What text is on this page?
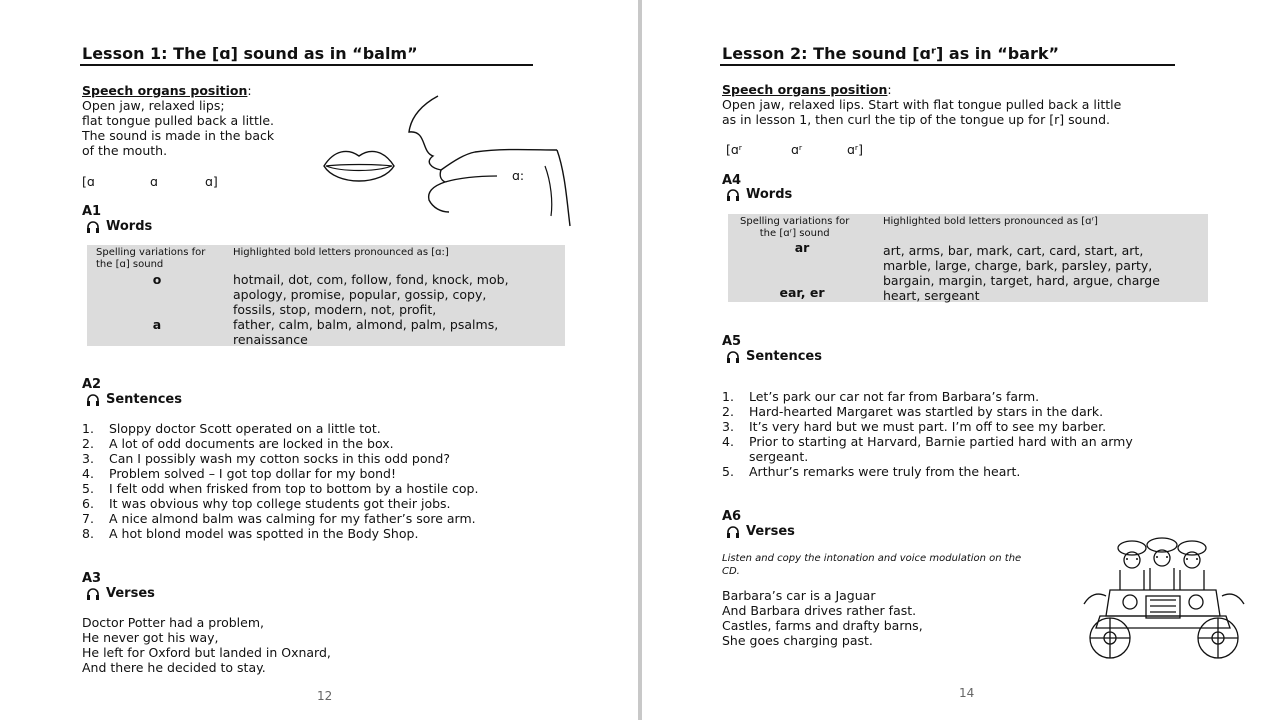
Lesson 1: The [ɑ] sound as in “balm”
Speech organs position:
Open jaw, relaxed lips;
flat tongue pulled back a little.
The sound is made in the back
of the mouth.
[ɑ	ɑ	ɑ]	ɑ:
A1
Words
Spelling variations for
the [ɑ] sound
Highlighted bold letters pronounced as [ɑ:]
o	hotmail, dot, com, follow, fond, knock, mob,
apology, promise, popular, gossip, copy,
fossils, stop, modern, not, profit,
a	father, calm, balm, almond, palm, psalms,
renaissance
A2
Sentences
1.	Sloppy doctor Scott operated on a little tot.
2.	A lot of odd documents are locked in the box.
3.	Can I possibly wash my cotton socks in this odd pond?
4.	Problem solved – I got top dollar for my bond!
5.	I felt odd when frisked from top to bottom by a hostile cop.
6.	It was obvious why top college students got their jobs.
7.	A nice almond balm was calming for my father’s sore arm.
8.	A hot blond model was spotted in the Body Shop.
A3
Verses
Doctor Potter had a problem,
He never got his way,
He left for Oxford but landed in Oxnard,
And there he decided to stay.
12
Lesson 2: The sound [ɑʳ] as in “bark”
Speech organs position:
Open jaw, relaxed lips. Start with flat tongue pulled back a little
as in lesson 1, then curl the tip of the tongue up for [r] sound.
[ɑʳ	ɑʳ	ɑʳ]
A4
Words
Spelling variations for
the [ɑʳ] sound
Highlighted bold letters pronounced as [ɑʳ]
ar	art, arms, bar, mark, cart, card, start, art,
marble, large, charge, bark, parsley, party,
bargain, margin, target, hard, argue, charge
ear, er	heart, sergeant
A5
Sentences
1.	Let’s park our car not far from Barbara’s farm.
2.	Hard-hearted Margaret was startled by stars in the dark.
3.	It’s very hard but we must part. I’m off to see my barber.
4.	Prior to starting at Harvard, Barnie partied hard with an army
sergeant.
5.	Arthur’s remarks were truly from the heart.
A6
Verses
Listen and copy the intonation and voice modulation on the
CD.
Barbara’s car is a Jaguar
And Barbara drives rather fast.
Castles, farms and drafty barns,
She goes charging past.
14
